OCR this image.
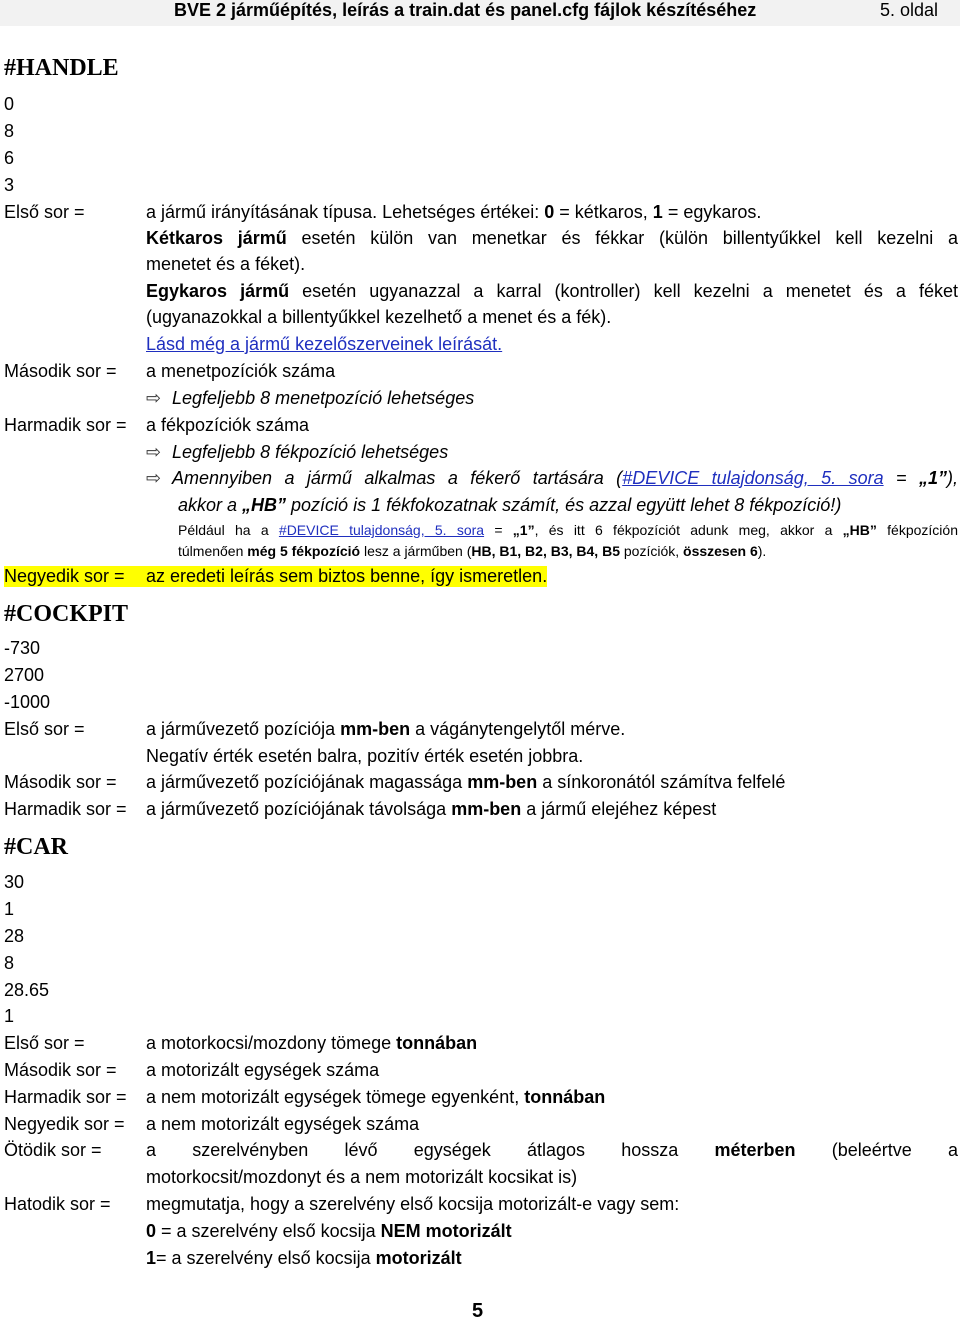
BVE 2 járműépítés, leírás a train.dat és panel.cfg fájlok készítéséhez	5. oldal
#HANDLE
0
8
6
3
Első sor =	a jármű irányításának típusa. Lehetséges értékei: 0 = kétkaros, 1 = egykaros.
Kétkaros jármű esetén külön van menetkar és fékkar (külön billentyűkkel kell kezelni a
menetet és a féket).
Egykaros jármű esetén ugyanazzal a karral (kontroller) kell kezelni a menetet és a féket
(ugyanazokkal a billentyűkkel kezelhető a menet és a fék).
Lásd még a jármű kezelőszerveinek leírását.
Második sor = a menetpozíciók száma
⇨ Legfeljebb 8 menetpozíció lehetséges
Harmadik sor = a fékpozíciók száma
⇨ Legfeljebb 8 fékpozíció lehetséges
⇨ Amennyiben a jármű alkalmas a fékerő tartására (#DEVICE tulajdonság, 5. sora = „1”),
akkor a „HB” pozíció is 1 fékfokozatnak számít, és azzal együtt lehet 8 fékpozíció!)
Például ha a #DEVICE tulajdonság, 5. sora = „1”, és itt 6 fékpozíciót adunk meg, akkor a „HB” fékpozíción
túlmenően még 5 fékpozíció lesz a járműben (HB, B1, B2, B3, B4, B5 pozíciók, összesen 6).
Negyedik sor =	az eredeti leírás sem biztos benne, így ismeretlen.
#COCKPIT
-730
2700
-1000
Első sor =	a járművezető pozíciója mm-ben a vágánytengelytől mérve.
Negatív érték esetén balra, pozitív érték esetén jobbra.
Második sor = a járművezető pozíciójának magassága mm-ben a sínkoronától számítva felfelé
Harmadik sor = a járművezető pozíciójának távolsága mm-ben a jármű elejéhez képest
#CAR
30
1
28
8
28.65
1
Első sor =	a motorkocsi/mozdony tömege tonnában
Második sor = a motorizált egységek száma
Harmadik sor = a nem motorizált egységek tömege egyenként, tonnában
Negyedik sor = a nem motorizált egységek száma
Ötödik sor = a szerelvényben lévő egységek átlagos hossza méterben (beleértve a
motorkocsit/mozdonyt és a nem motorizált kocsikat is)
Hatodik sor = megmutatja, hogy a szerelvény első kocsija motorizált-e vagy sem:
0 = a szerelvény első kocsija NEM motorizált
1= a szerelvény első kocsija motorizált
5
